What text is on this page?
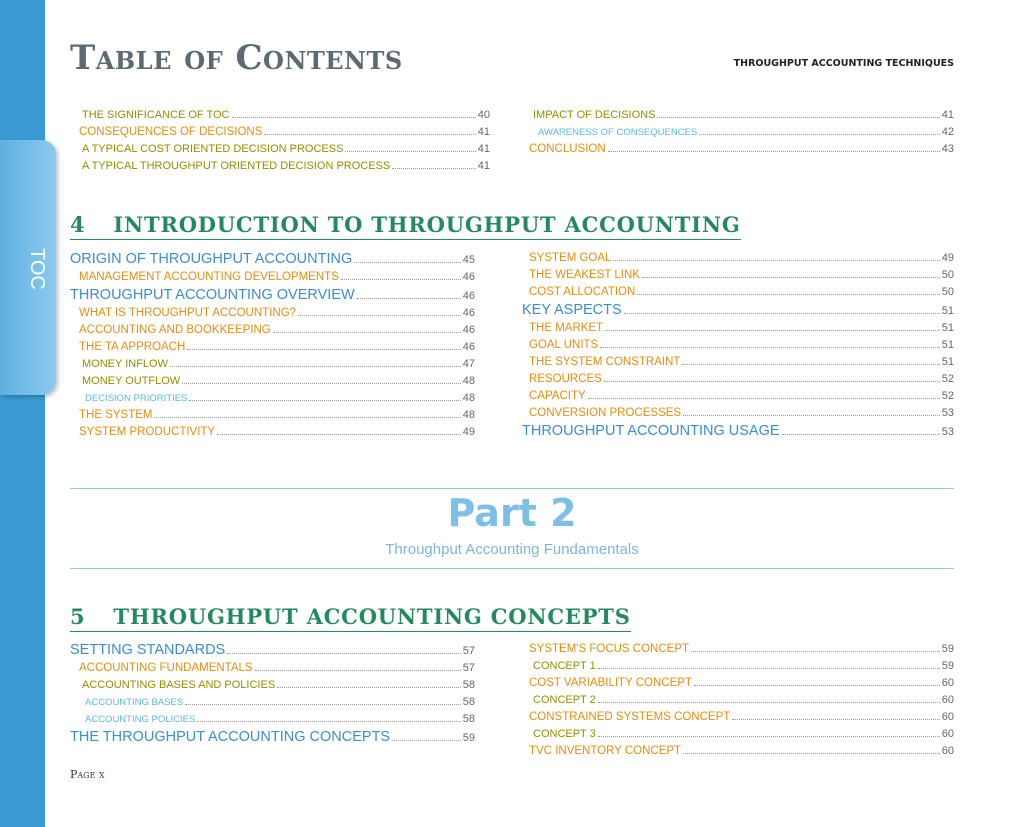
TOC
Table of Contents	THROUGHPUT ACCOUNTING TECHNIQUES
THE SIGNIFICANCE OF TOC	40
CONSEQUENCES OF DECISIONS	41
A TYPICAL COST ORIENTED DECISION PROCESS	41
A TYPICAL THROUGHPUT ORIENTED DECISION PROCESS	41
IMPACT OF DECISIONS	41
AWARENESS OF CONSEQUENCES	42
CONCLUSION	43
4 INTRODUCTION TO THROUGHPUT ACCOUNTING
ORIGIN OF THROUGHPUT ACCOUNTING	45
MANAGEMENT ACCOUNTING DEVELOPMENTS	46
THROUGHPUT ACCOUNTING OVERVIEW	46
WHAT IS THROUGHPUT ACCOUNTING?	46
ACCOUNTING AND BOOKKEEPING	46
THE TA APPROACH	46
MONEY INFLOW	47
MONEY OUTFLOW	48
DECISION PRIORITIES	48
THE SYSTEM	48
SYSTEM PRODUCTIVITY	49
SYSTEM GOAL	49
THE WEAKEST LINK	50
COST ALLOCATION	50
KEY ASPECTS	51
THE MARKET	51
GOAL UNITS	51
THE SYSTEM CONSTRAINT	51
RESOURCES	52
CAPACITY	52
CONVERSION PROCESSES	53
THROUGHPUT ACCOUNTING USAGE	53
Part 2
Throughput Accounting Fundamentals
5 THROUGHPUT ACCOUNTING CONCEPTS
SETTING STANDARDS	57
ACCOUNTING FUNDAMENTALS	57
ACCOUNTING BASES AND POLICIES	58
ACCOUNTING BASES	58
ACCOUNTING POLICIES	58
THE THROUGHPUT ACCOUNTING CONCEPTS	59
SYSTEM'S FOCUS CONCEPT	59
CONCEPT 1	59
COST VARIABILITY CONCEPT	60
CONCEPT 2	60
CONSTRAINED SYSTEMS CONCEPT	60
CONCEPT 3	60
TVC INVENTORY CONCEPT	60
Page x
